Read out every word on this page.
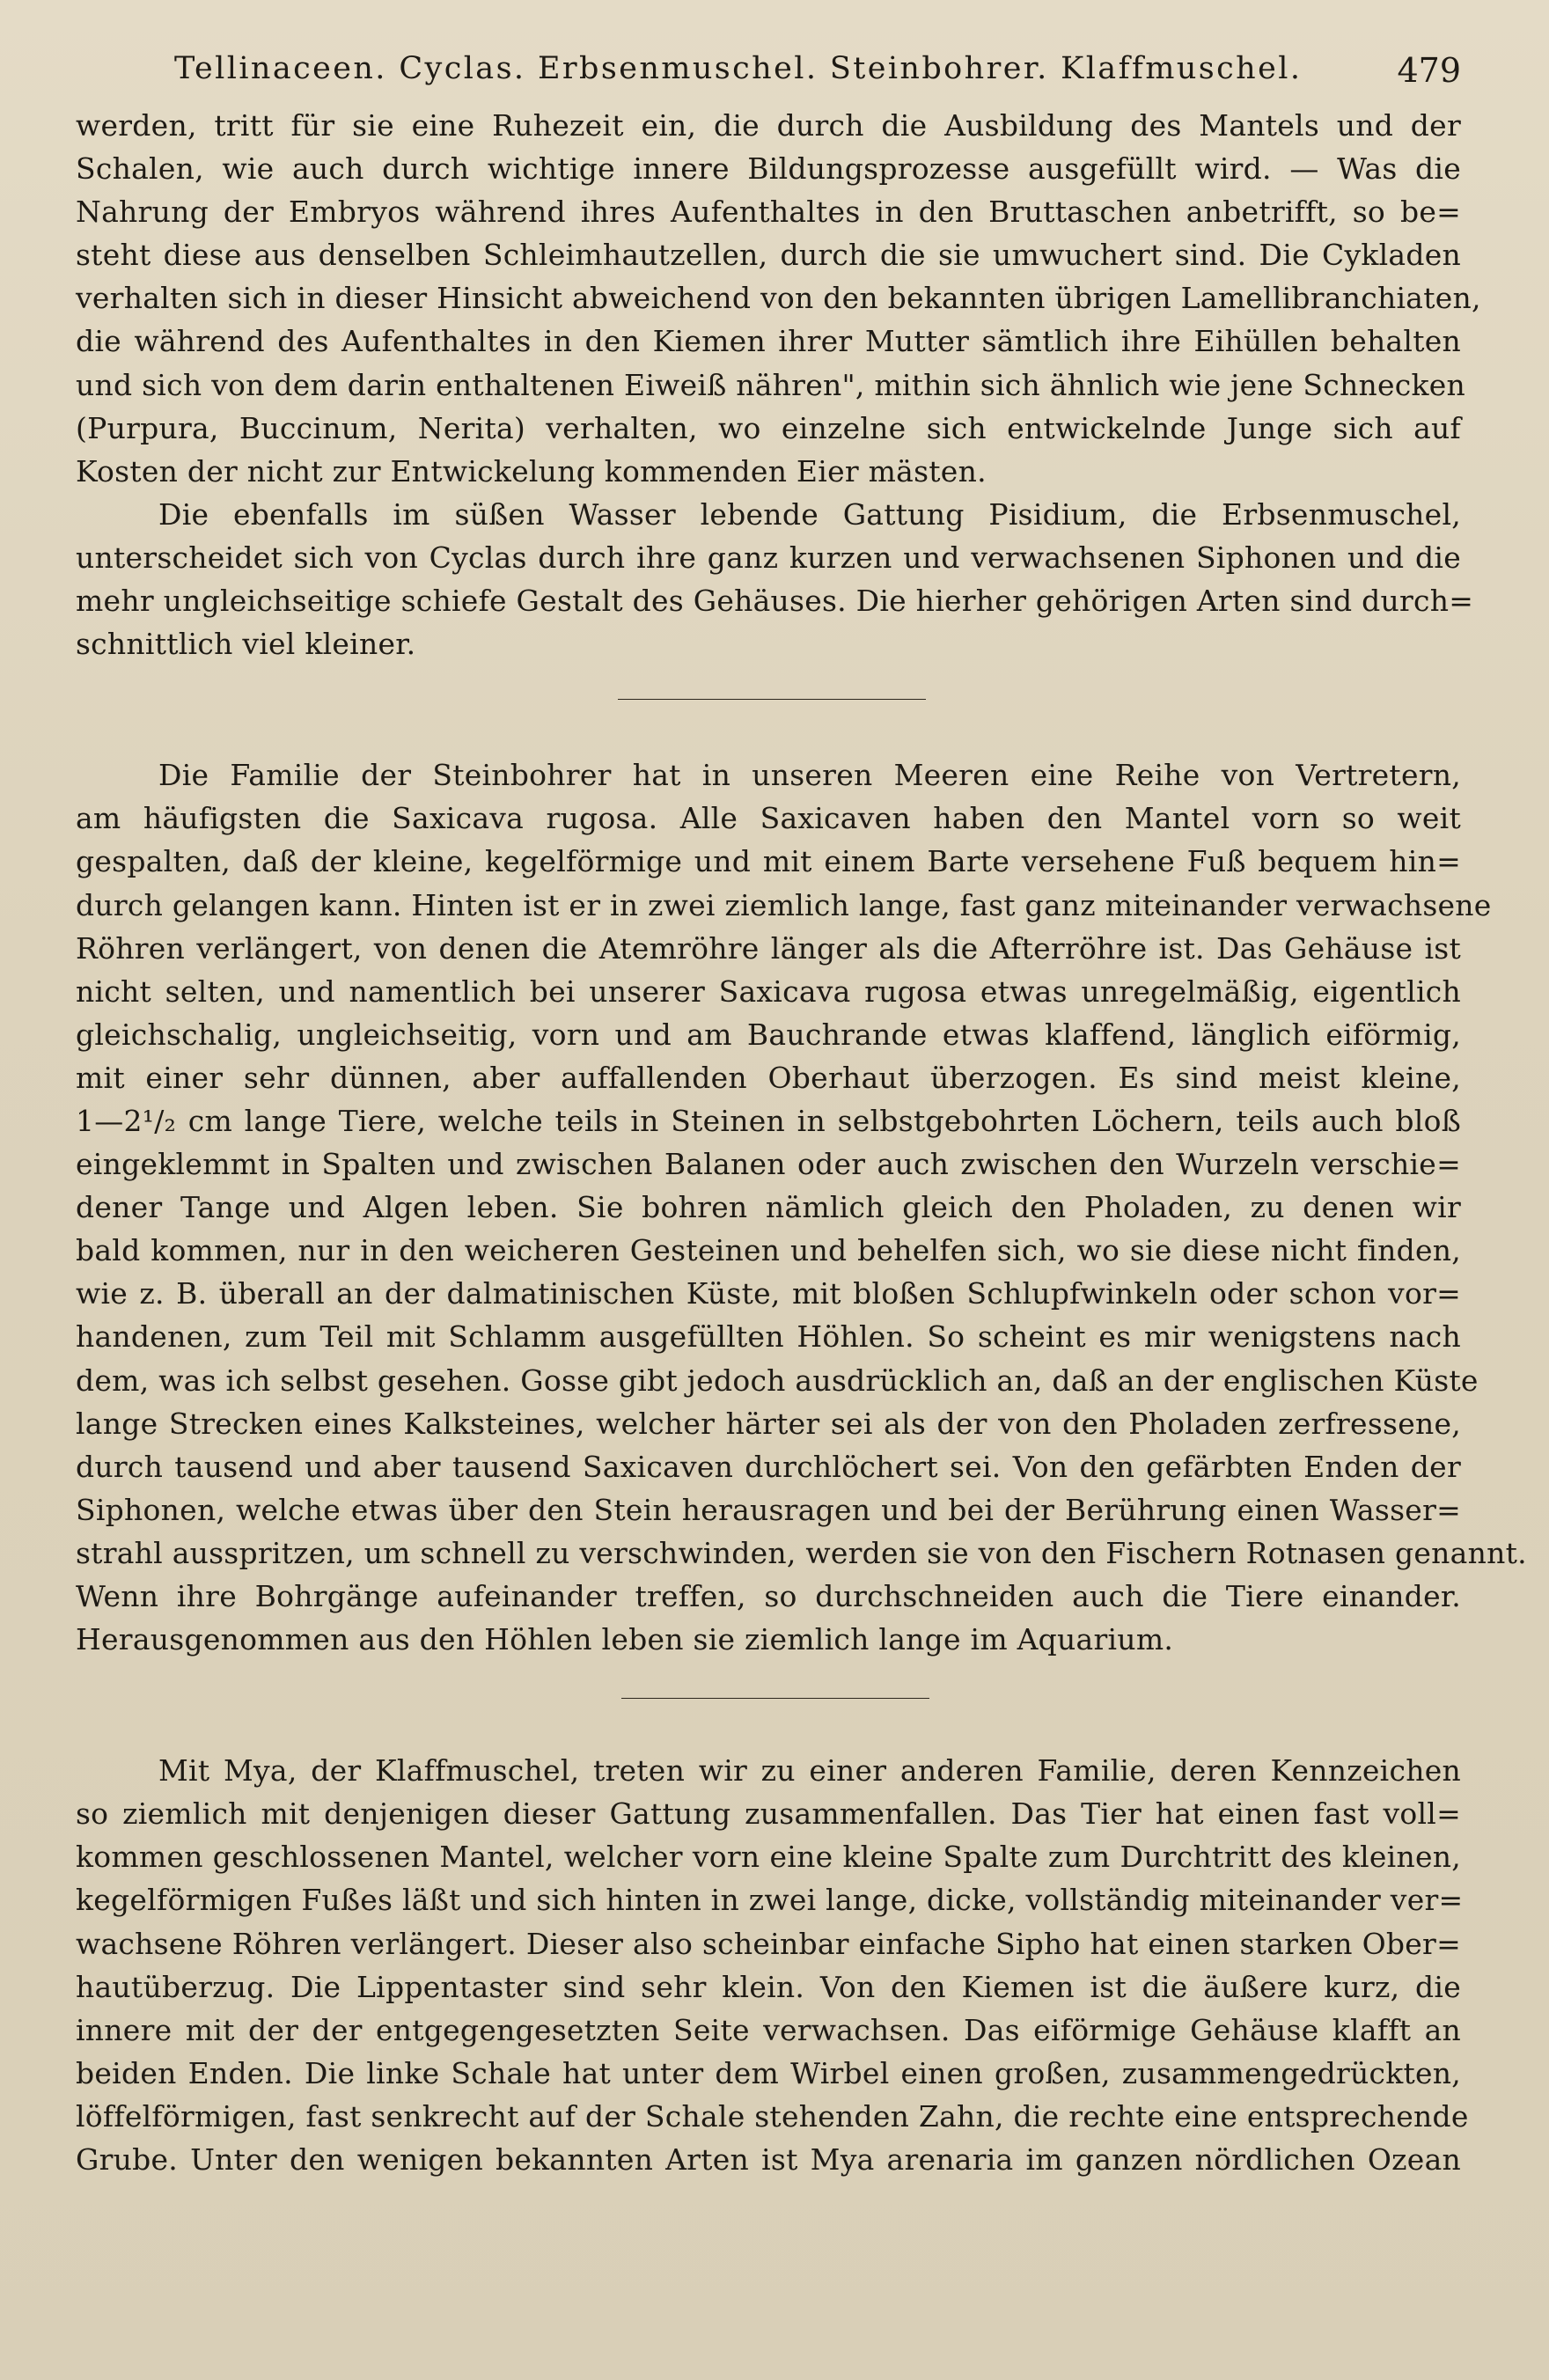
Tellinaceen. Cyclas. Erbsenmuschel. Steinbohrer. Klaffmuschel.	479
werden, tritt für sie eine Ruhezeit ein, die durch die Ausbildung des Mantels und der
Schalen, wie auch durch wichtige innere Bildungsprozesse ausgefüllt wird. — Was die
Nahrung der Embryos während ihres Aufenthaltes in den Bruttaschen anbetrifft, so be=
steht diese aus denselben Schleimhautzellen, durch die sie umwuchert sind. Die Cykladen
verhalten sich in dieser Hinsicht abweichend von den bekannten übrigen Lamellibranchiaten,
die während des Aufenthaltes in den Kiemen ihrer Mutter sämtlich ihre Eihüllen behalten
und sich von dem darin enthaltenen Eiweiß nähren", mithin sich ähnlich wie jene Schnecken
(Purpura, Buccinum, Nerita) verhalten, wo einzelne sich entwickelnde Junge sich auf
Kosten der nicht zur Entwickelung kommenden Eier mästen.
Die ebenfalls im süßen Wasser lebende Gattung Pisidium, die Erbsenmuschel,
unterscheidet sich von Cyclas durch ihre ganz kurzen und verwachsenen Siphonen und die
mehr ungleichseitige schiefe Gestalt des Gehäuses. Die hierher gehörigen Arten sind durch=
schnittlich viel kleiner.
Die Familie der Steinbohrer hat in unseren Meeren eine Reihe von Vertretern,
am häufigsten die Saxicava rugosa. Alle Saxicaven haben den Mantel vorn so weit
gespalten, daß der kleine, kegelförmige und mit einem Barte versehene Fuß bequem hin=
durch gelangen kann. Hinten ist er in zwei ziemlich lange, fast ganz miteinander verwachsene
Röhren verlängert, von denen die Atemröhre länger als die Afterröhre ist. Das Gehäuse ist
nicht selten, und namentlich bei unserer Saxicava rugosa etwas unregelmäßig, eigentlich
gleichschalig, ungleichseitig, vorn und am Bauchrande etwas klaffend, länglich eiförmig,
mit einer sehr dünnen, aber auffallenden Oberhaut überzogen. Es sind meist kleine,
1—2¹/₂ cm lange Tiere, welche teils in Steinen in selbstgebohrten Löchern, teils auch bloß
eingeklemmt in Spalten und zwischen Balanen oder auch zwischen den Wurzeln verschie=
dener Tange und Algen leben. Sie bohren nämlich gleich den Pholaden, zu denen wir
bald kommen, nur in den weicheren Gesteinen und behelfen sich, wo sie diese nicht finden,
wie z. B. überall an der dalmatinischen Küste, mit bloßen Schlupfwinkeln oder schon vor=
handenen, zum Teil mit Schlamm ausgefüllten Höhlen. So scheint es mir wenigstens nach
dem, was ich selbst gesehen. Gosse gibt jedoch ausdrücklich an, daß an der englischen Küste
lange Strecken eines Kalksteines, welcher härter sei als der von den Pholaden zerfressene,
durch tausend und aber tausend Saxicaven durchlöchert sei. Von den gefärbten Enden der
Siphonen, welche etwas über den Stein herausragen und bei der Berührung einen Wasser=
strahl ausspritzen, um schnell zu verschwinden, werden sie von den Fischern Rotnasen genannt.
Wenn ihre Bohrgänge aufeinander treffen, so durchschneiden auch die Tiere einander.
Herausgenommen aus den Höhlen leben sie ziemlich lange im Aquarium.
Mit Mya, der Klaffmuschel, treten wir zu einer anderen Familie, deren Kennzeichen
so ziemlich mit denjenigen dieser Gattung zusammenfallen. Das Tier hat einen fast voll=
kommen geschlossenen Mantel, welcher vorn eine kleine Spalte zum Durchtritt des kleinen,
kegelförmigen Fußes läßt und sich hinten in zwei lange, dicke, vollständig miteinander ver=
wachsene Röhren verlängert. Dieser also scheinbar einfache Sipho hat einen starken Ober=
hautüberzug. Die Lippentaster sind sehr klein. Von den Kiemen ist die äußere kurz, die
innere mit der der entgegengesetzten Seite verwachsen. Das eiförmige Gehäuse klafft an
beiden Enden. Die linke Schale hat unter dem Wirbel einen großen, zusammengedrückten,
löffelförmigen, fast senkrecht auf der Schale stehenden Zahn, die rechte eine entsprechende
Grube. Unter den wenigen bekannten Arten ist Mya arenaria im ganzen nördlichen Ozean
